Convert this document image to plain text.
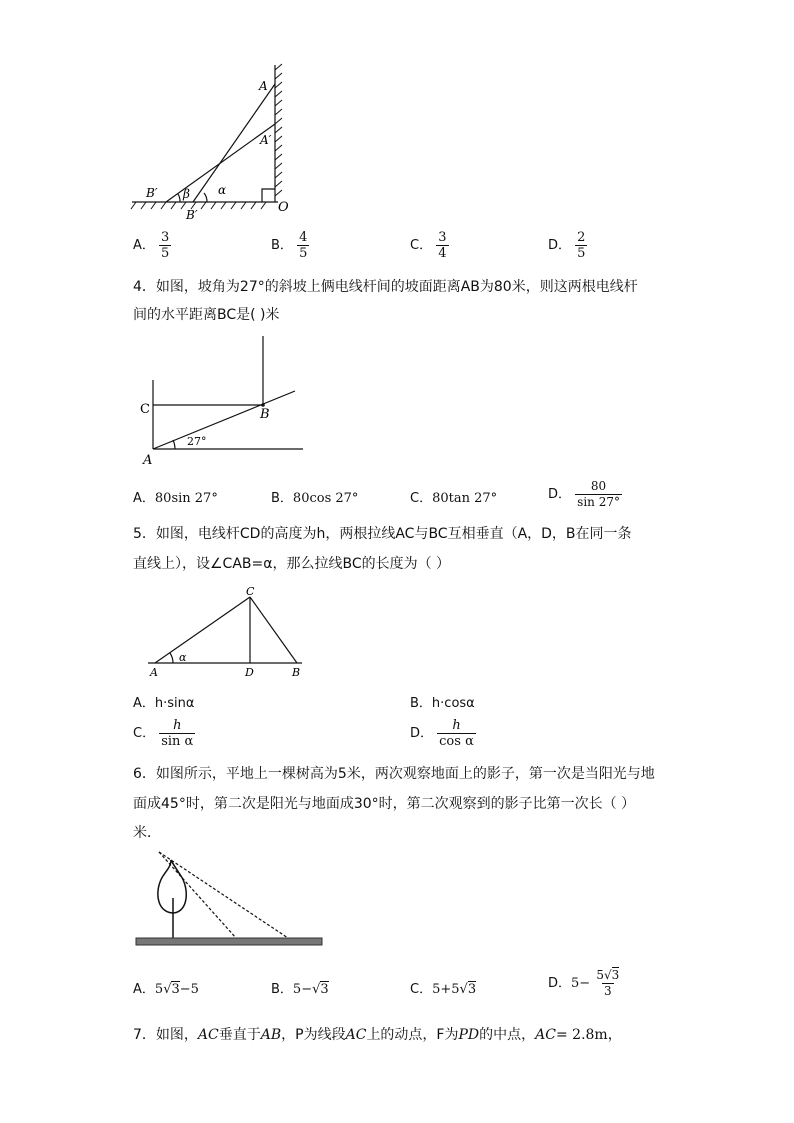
A
A′
B′ β α
B′	O
A． $\frac{3}{5}$	B． $\frac{4}{5}$	C． $\frac{3}{4}$	D． $\frac{2}{5}$
4．如图，坡角为27°的斜坡上俩电线杆间的坡面距离AB为80米，则这两根电线杆
间的水平距离BC是( )米
C	B
A
27°
A．80sin 27°	B．80cos 27°	C．80tan 27°	D． $\frac{80}{\sin 27^\circ}$
5．如图，电线杆CD的高度为h，两根拉线AC与BC互相垂直（A，D，B在同一条
直线上），设∠CAB=α，那么拉线BC的长度为（ ）
C
A	D	B
α
A．h·sinα	B．h·cosα
C． $\frac{h}{\text{sin α}}$	D． $\frac{h}{\text{cos α}}$
6．如图所示，平地上一棵树高为5米，两次观察地面上的影子，第一次是当阳光与地
面成45°时，第二次是阳光与地面成30°时，第二次观察到的影子比第一次长（ ）
米．
A．5√3−5	B．5−√3	C．5+5√3	D．$5- \frac{5√3}{3}$
7．如图，AC垂直于AB，P为线段AC上的动点，F为PD的中点，AC= 2.8m，
